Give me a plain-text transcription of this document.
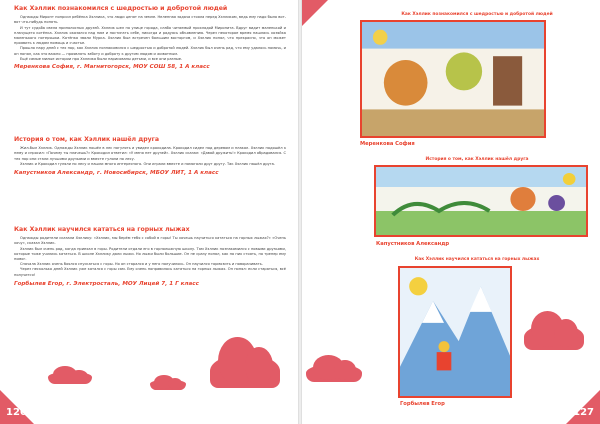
Как Хэллик познакомился с шедростью и добротой людей

Однажды Миронт попрсил ребёнка Хэллика, что люди ценят на земле. Нелепная задача стояла перед Хэлликом, ведь ему надо было вот-вот что-нибудь понять.

И тут судьба свела приполосных друзей. Хэллик шел по улице города, слабо читаемый прохладой Миронита. Вдруг видит маленькой и плачущего котёнка. Хэллик оказался над ним и постигать себе, никогда и радуясь объявлению. Через некоторое время нашлась хозяйка маленького потеряшки. Котёнка звали Мурка. Хэллик был встречен большим восторгом, и Хэллик понял, что прекрасно, что он может проявить к людям помощь и счастье.

Прошло пару дней с тех пор, как Хэллик познакомился с шедростью и добротой людей. Хэллик был очень рад, что ему удалось помочь, и он понял, как это важно — проявлять заботу и доброту к другим людям и животным.

Ещё самые милые истории про Хэллика были нарисованы детьми, и все они разные.

Меренкова София, г. Магнитогорск, МОУ СОШ 58, 1 А класс

История о том, как Хэллик нашёл друга

Жил-был Хэллик. Однажды Хэллик пошёл в лес погулять и увидел крокодила. Крокодил сидел под деревом и плакал. Хэллик подошёл к нему и спросил: «Почему ты плачешь?» Крокодил ответил: «У меня нет друзей». Хэллик сказал: «Давай дружить!» Крокодил обрадовался. С тех пор они стали лучшими друзьями и вместе гуляли по лесу.

Хэллик и Крокодил гуляли по лесу и нашли много интересного. Они играли вместе и помогали друг другу. Так Хэллик нашёл друга.

Капустников Александр, г. Новосибирск, МБОУ ЛИТ, 1 А класс

Как Хэллик научился кататься на горных лыжах

Однажды родители сказали Хэллику: «Хэллик, мы берём тебя с собой в горы! Ты хочешь научиться кататься на горных лыжах?» «Очень хочу», сказал Хэллик.

Хэллик был очень рад, когда приехал в горы. Родители отдали его в горнолыжную школу. Там Хэллик познакомился с новыми друзьями, которые тоже учились кататься. В школе Хэллику дали лыжи. Но лыжи были большие. Он не сразу понял, как на них стоять, но тренер ему помог.

Сначала Хэллик очень боялся спускаться с горы. Но он старался и у него получилось. Он научился тормозить и поворачивать.

Через несколько дней Хэллик уже катался с горы сам. Ему очень понравилось кататься на горных лыжах. Он понял: если стараться, всё получится!

Горбылев Егор, г. Электросталь, МОУ Лицей 7, 1 Г класс

126
Как Хэллик познакомился с шедростью и добротой людей
Меренкова София
История о том, как Хэллик нашёл друга
Капустников Александр
Как Хэллик научился кататься на горных лыжах
Горбылев Егор
127
